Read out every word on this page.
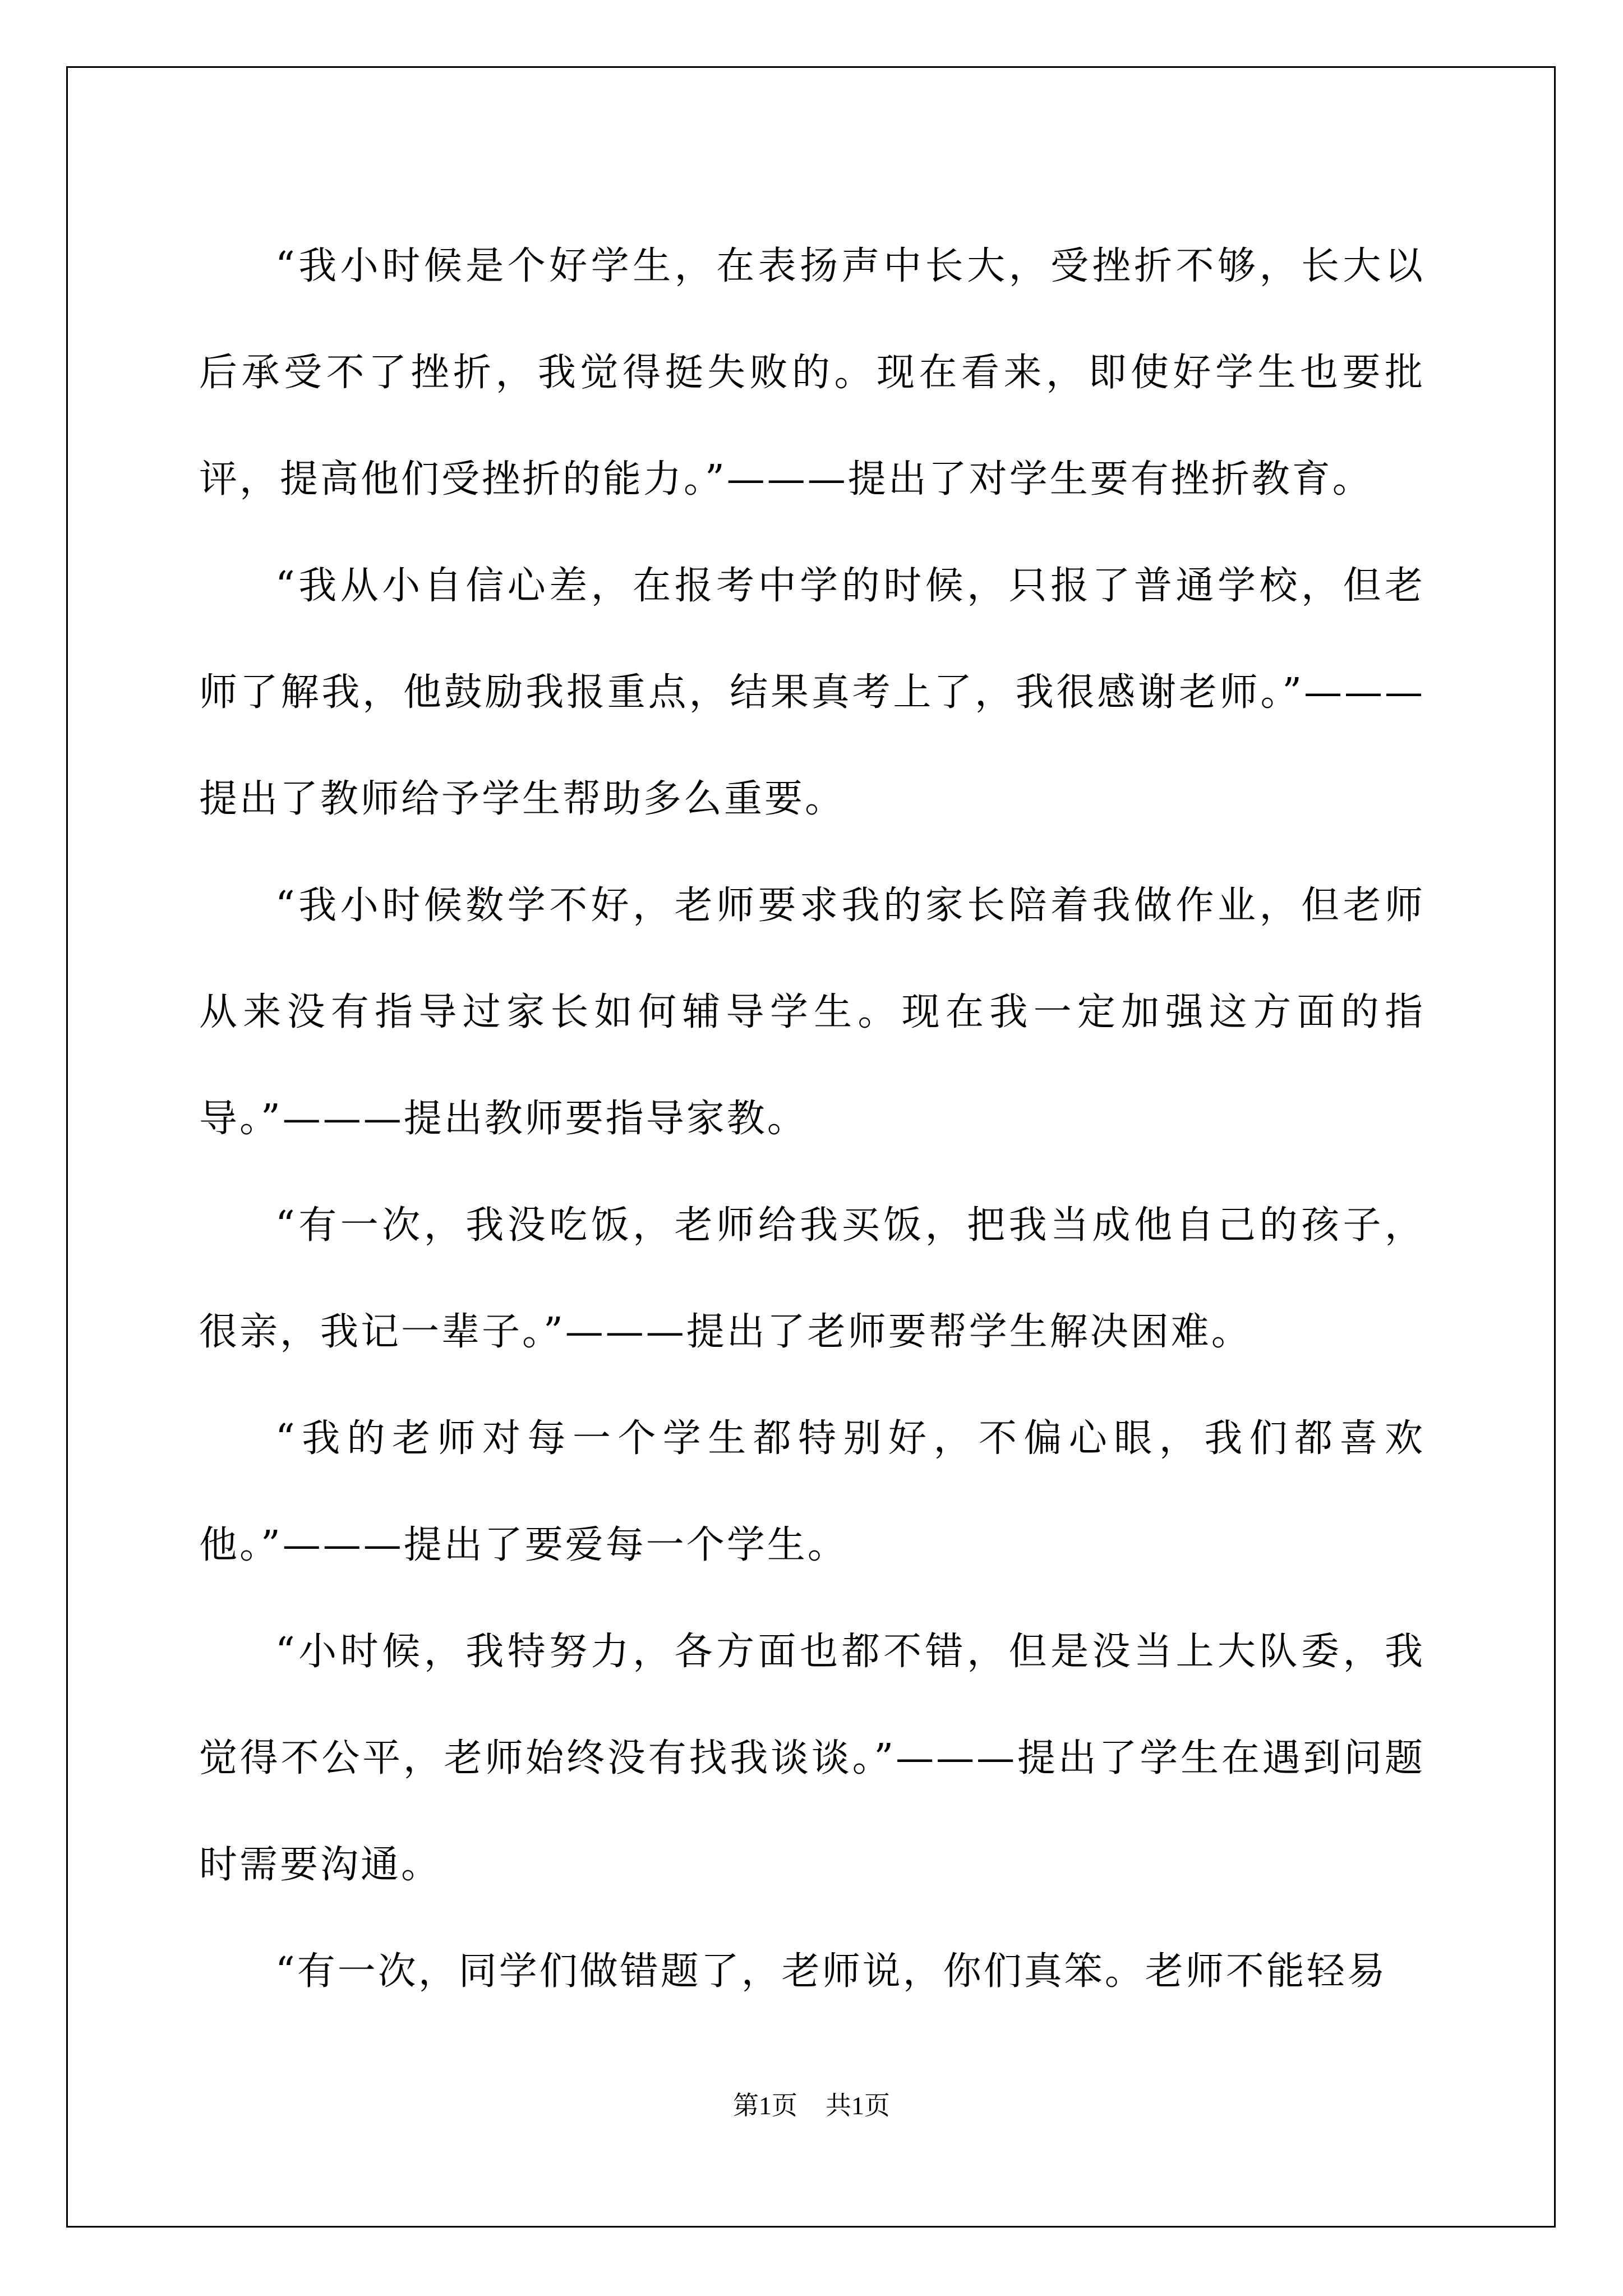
“我小时候是个好学生，在表扬声中长大，受挫折不够，长大以后承受不了挫折，我觉得挺失败的。现在看来，即使好学生也要批评，提高他们受挫折的能力。”———提出了对学生要有挫折教育。

“我从小自信心差，在报考中学的时候，只报了普通学校，但老师了解我，他鼓励我报重点，结果真考上了，我很感谢老师。”———提出了教师给予学生帮助多么重要。

“我小时候数学不好，老师要求我的家长陪着我做作业，但老师从来没有指导过家长如何辅导学生。现在我一定加强这方面的指导。”———提出教师要指导家教。

“有一次，我没吃饭，老师给我买饭，把我当成他自己的孩子，很亲，我记一辈子。”———提出了老师要帮学生解决困难。

“我的老师对每一个学生都特别好，不偏心眼，我们都喜欢他。”———提出了要爱每一个学生。

“小时候，我特努力，各方面也都不错，但是没当上大队委，我觉得不公平，老师始终没有找我谈谈。”———提出了学生在遇到问题时需要沟通。

“有一次，同学们做错题了，老师说，你们真笨。老师不能轻易

第1页 共1页
